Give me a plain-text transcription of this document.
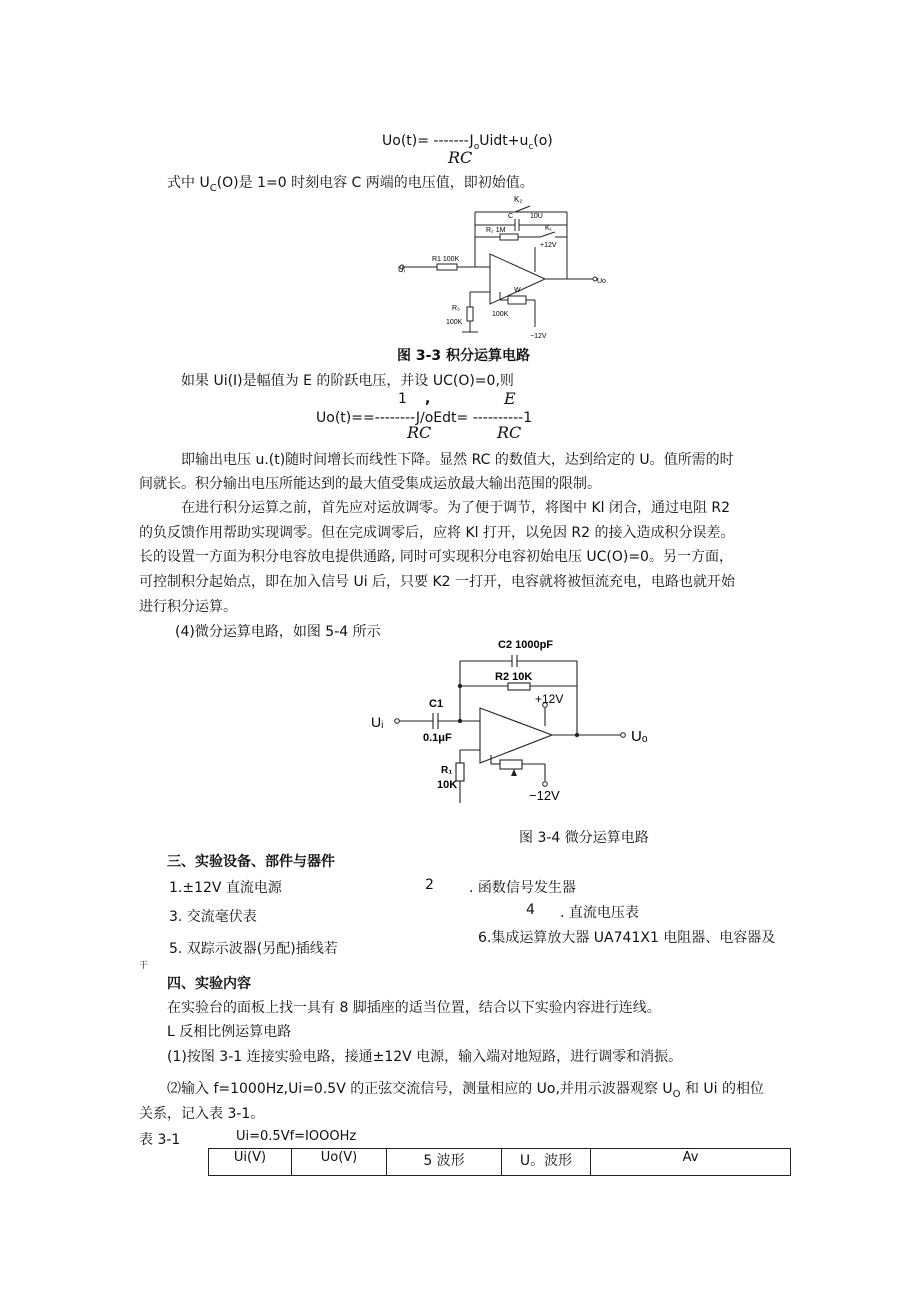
$Uo(t)= -------J_oUidt+u_c(o)$
RC
式中 $U_C(O)$是 1=0 时刻电容 C 两端的电压值，即初始值。
K₂
C 10U
R₂ 1M	K₁
+12V
Uᵢ
R1 100K
Uo
R₃
100K
W
100K
−12V
图 3-3 积分运算电路
如果 Ui(I)是幅值为 E 的阶跃电压，并设 UC(O)=0,则
1 ,	E
Uo(t)==--------J∕oEdt= ----------1
RC	RC
即输出电压 u.(t)随时间增长而线性下降。显然 RC 的数值大，达到给定的 U。值所需的时
间就长。积分输出电压所能达到的最大值受集成运放最大输出范围的限制。
在进行积分运算之前，首先应对运放调零。为了便于调节，将图中 Kl 闭合，通过电阻 R2
的负反馈作用帮助实现调零。但在完成调零后，应将 Kl 打开，以免因 R2 的接入造成积分误差。
长的设置一方面为积分电容放电提供通路, 同时可实现积分电容初始电压 UC(O)=0。另一方面，
可控制积分起始点，即在加入信号 Ui 后，只要 K2 一打开，电容就将被恒流充电，电路也就开始
进行积分运算。
(4)微分运算电路，如图 5-4 所示
C2 1000pF
R2 10K
+12V
Uᵢ
C1
0.1μF	Uₒ
R₁
10K
−12V
图 3-4 微分运算电路
三、实验设备、部件与器件
1.±12V 直流电源	2	. 函数信号发生器
3. 交流毫伏表	4 . 直流电压表
5. 双踪示波器(另配)插线若
6.集成运算放大器 UA741X1 电阻器、电容器及
干
四、实验内容
在实验台的面板上找一具有 8 脚插座的适当位置，结合以下实验内容进行连线。
L 反相比例运算电路
(1)按图 3-1 连接实验电路，接通±12V 电源，输入端对地短路，进行调零和消振。
⑵输入 f=1000Hz,Ui=0.5V 的正弦交流信号，测量相应的 Uo,并用示波器观察 $U_O$ 和 Ui 的相位
关系，记入表 3-1。
表 3-1	Ui=0.5Vf=IOOOHz
Ui(V)	Uo(V)	5 波形	U。波形	Av
